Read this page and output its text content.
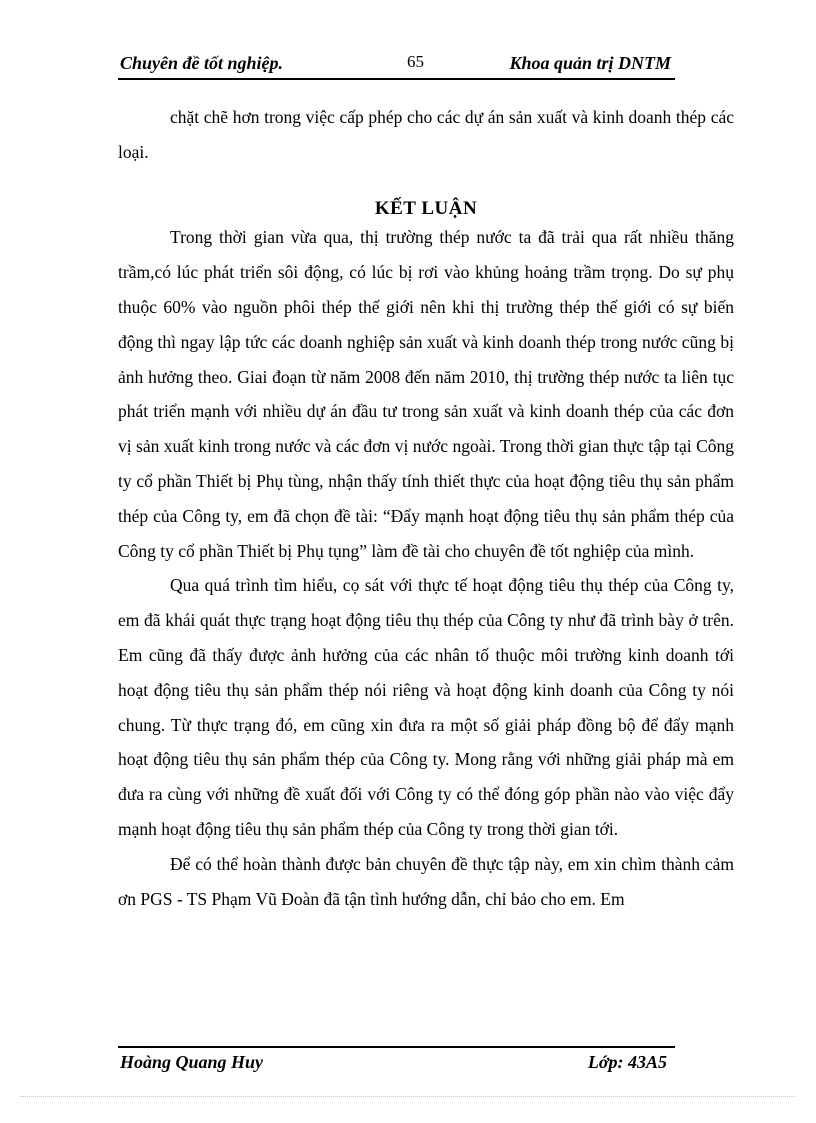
Chuyên đề tốt nghiệp.	65	Khoa quản trị DNTM

chặt chẽ hơn trong việc cấp phép cho các dự án sản xuất và kinh doanh thép các loại.

KẾT LUẬN

Trong thời gian vừa qua, thị trường thép nước ta đã trải qua rất nhiều thăng trầm,có lúc phát triển sôi động, có lúc bị rơi vào khủng hoảng trầm trọng. Do sự phụ thuộc 60% vào nguồn phôi thép thế giới nên khi thị trường thép thế giới có sự biến động thì ngay lập tức các doanh nghiệp sản xuất và kinh doanh thép trong nước cũng bị ảnh hưởng theo. Giai đoạn từ năm 2008 đến năm 2010, thị trường thép nước ta liên tục phát triển mạnh với nhiều dự án đầu tư trong sản xuất và kinh doanh thép của các đơn vị sản xuất kinh trong nước và các đơn vị nước ngoài. Trong thời gian thực tập tại Công ty cổ phần Thiết bị Phụ tùng, nhận thấy tính thiết thực của hoạt động tiêu thụ sản phẩm thép của Công ty, em đã chọn đề tài: “Đẩy mạnh hoạt động tiêu thụ sản phẩm thép của Công ty cổ phần Thiết bị Phụ tụng” làm đề tài cho chuyên đề tốt nghiệp của mình.

Qua quá trình tìm hiểu, cọ sát với thực tế hoạt động tiêu thụ thép của Công ty, em đã khái quát thực trạng hoạt động tiêu thụ thép của Công ty như đã trình bày ở trên. Em cũng đã thấy được ảnh hưởng của các nhân tố thuộc môi trường kinh doanh tới hoạt động tiêu thụ sản phẩm thép nói riêng và hoạt động kinh doanh của Công ty nói chung. Từ thực trạng đó, em cũng xin đưa ra một số giải pháp đồng bộ để đẩy mạnh hoạt động tiêu thụ sản phẩm thép của Công ty. Mong rằng với những giải pháp mà em đưa ra cùng với những đề xuất đối với Công ty có thể đóng góp phần nào vào việc đẩy mạnh hoạt động tiêu thụ sản phẩm thép của Công ty trong thời gian tới.

Để có thể hoàn thành được bản chuyên đề thực tập này, em xin chìm thành cảm ơn PGS - TS Phạm Vũ Đoàn đã tận tình hướng dẫn, chỉ bảo cho em. Em

Hoàng Quang Huy	Lớp: 43A5
